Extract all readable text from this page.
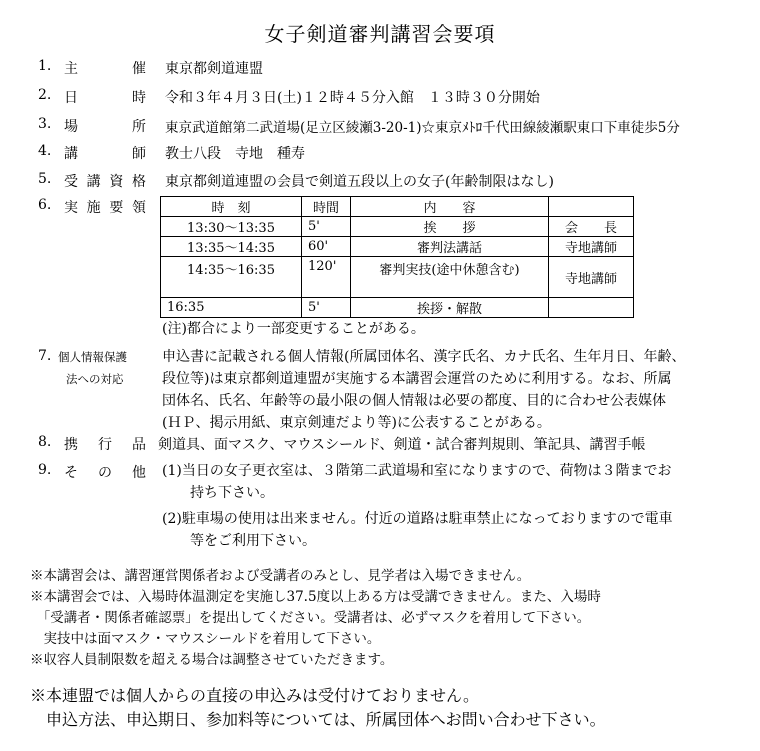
女子剣道審判講習会要項
1. 主	催 東京都剣道連盟
2. 日	時 令和３年４月３日(土)１２時４５分入館　１３時３０分開始
3. 場	所 東京武道館第二武道場(足立区綾瀬3-20-1)☆東京ﾒﾄﾛ千代田線綾瀬駅東口下車徒歩5分
4. 講	師 教士八段　寺地　種寿
5. 受 講 資 格 東京都剣道連盟の会員で剣道五段以上の女子(年齢制限はなし)
6. 実 施 要 領	時　刻	時間	内　　容	
13:30～13:35	5'	挨　　拶	会　　長
13:35～14:35	60'	審判法講話	寺地講師
14:35～16:35	120'	審判実技(途中休憩含む)	寺地講師
16:35	5'	挨拶・解散	
(注)都合により一部変更することがある。
7. 個人情報保護
法への対応
申込書に記載される個人情報(所属団体名、漢字氏名、カナ氏名、生年月日、年齢、
段位等)は東京都剣道連盟が実施する本講習会運営のために利用する。なお、所属
団体名、氏名、年齢等の最小限の個人情報は必要の都度、目的に合わせ公表媒体
(ＨＰ、掲示用紙、東京剣連だより等)に公表することがある。
8. 携 行 品 剣道具、面マスク、マウスシールド、剣道・試合審判規則、筆記具、講習手帳
9. そ の 他 (1)当日の女子更衣室は、３階第二武道場和室になりますので、荷物は３階までお
　　持ち下さい。
(2)駐車場の使用は出来ません。付近の道路は駐車禁止になっておりますので電車
　　等をご利用下さい。
※本講習会は、講習運営関係者および受講者のみとし、見学者は入場できません。
※本講習会では、入場時体温測定を実施し37.5度以上ある方は受講できません。また、入場時
　「受講者・関係者確認票」を提出してください。受講者は、必ずマスクを着用して下さい。
　実技中は面マスク・マウスシールドを着用して下さい。
※収容人員制限数を超える場合は調整させていただきます。
※本連盟では個人からの直接の申込みは受付けておりません。
　申込方法、申込期日、参加料等については、所属団体へお問い合わせ下さい。
